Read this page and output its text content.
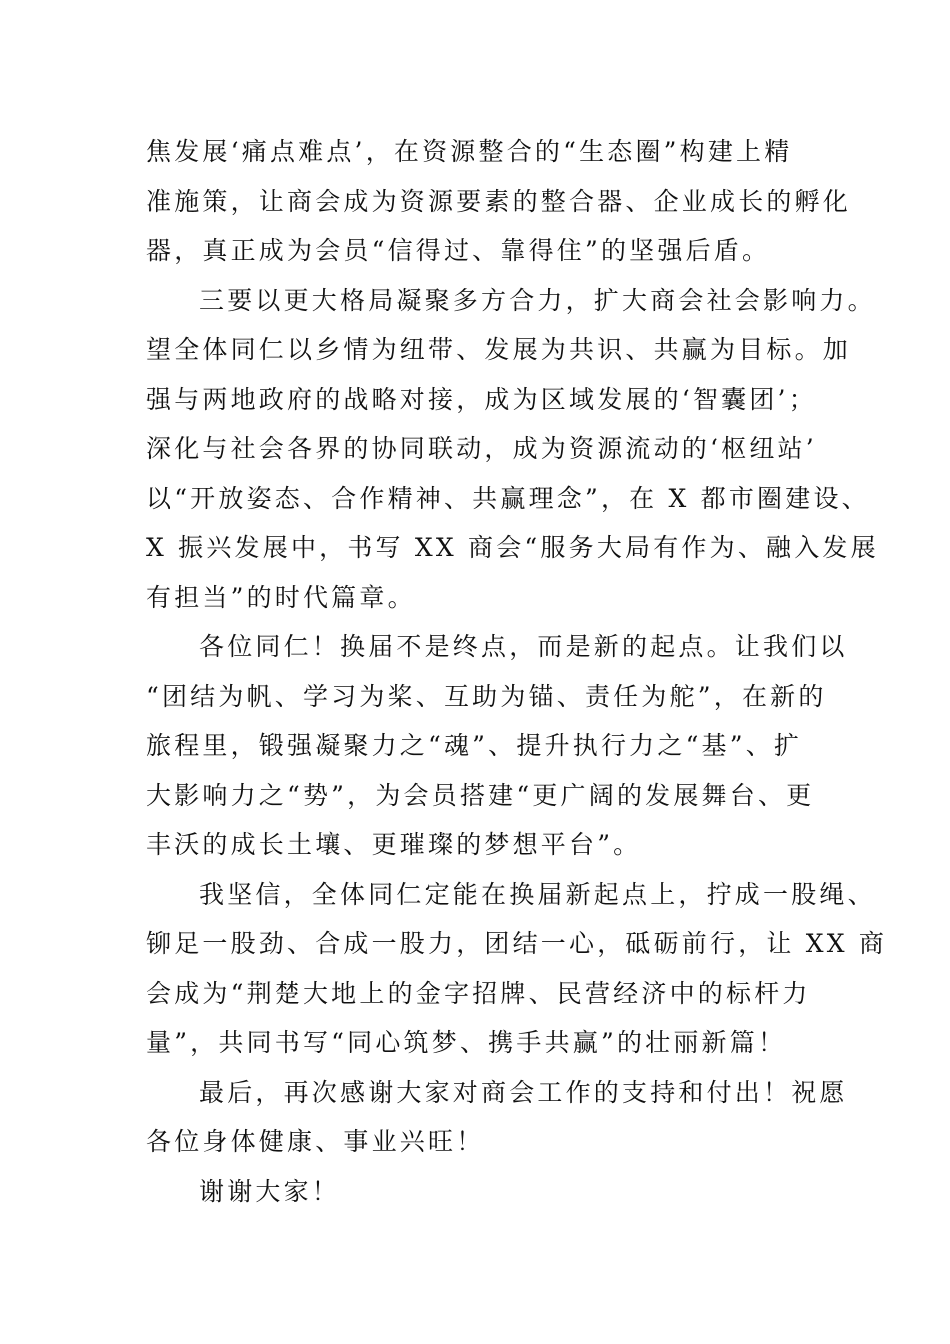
焦发展‘痛点难点’，在资源整合的“生态圈”构建上精
准施策，让商会成为资源要素的整合器、企业成长的孵化
器，真正成为会员“信得过、靠得住”的坚强后盾。
三要以更大格局凝聚多方合力，扩大商会社会影响力。
望全体同仁以乡情为纽带、发展为共识、共赢为目标。加
强与两地政府的战略对接，成为区域发展的‘智囊团’；
深化与社会各界的协同联动，成为资源流动的‘枢纽站’
以“开放姿态、合作精神、共赢理念”，在 X 都市圈建设、
X 振兴发展中，书写 XX 商会“服务大局有作为、融入发展
有担当”的时代篇章。
各位同仁！换届不是终点，而是新的起点。让我们以
“团结为帆、学习为桨、互助为锚、责任为舵”，在新的
旅程里，锻强凝聚力之“魂”、提升执行力之“基”、扩
大影响力之“势”，为会员搭建“更广阔的发展舞台、更
丰沃的成长土壤、更璀璨的梦想平台”。
我坚信，全体同仁定能在换届新起点上，拧成一股绳、
铆足一股劲、合成一股力，团结一心，砥砺前行，让 XX 商
会成为“荆楚大地上的金字招牌、民营经济中的标杆力
量”，共同书写“同心筑梦、携手共赢”的壮丽新篇！
最后，再次感谢大家对商会工作的支持和付出！祝愿
各位身体健康、事业兴旺！
谢谢大家！
